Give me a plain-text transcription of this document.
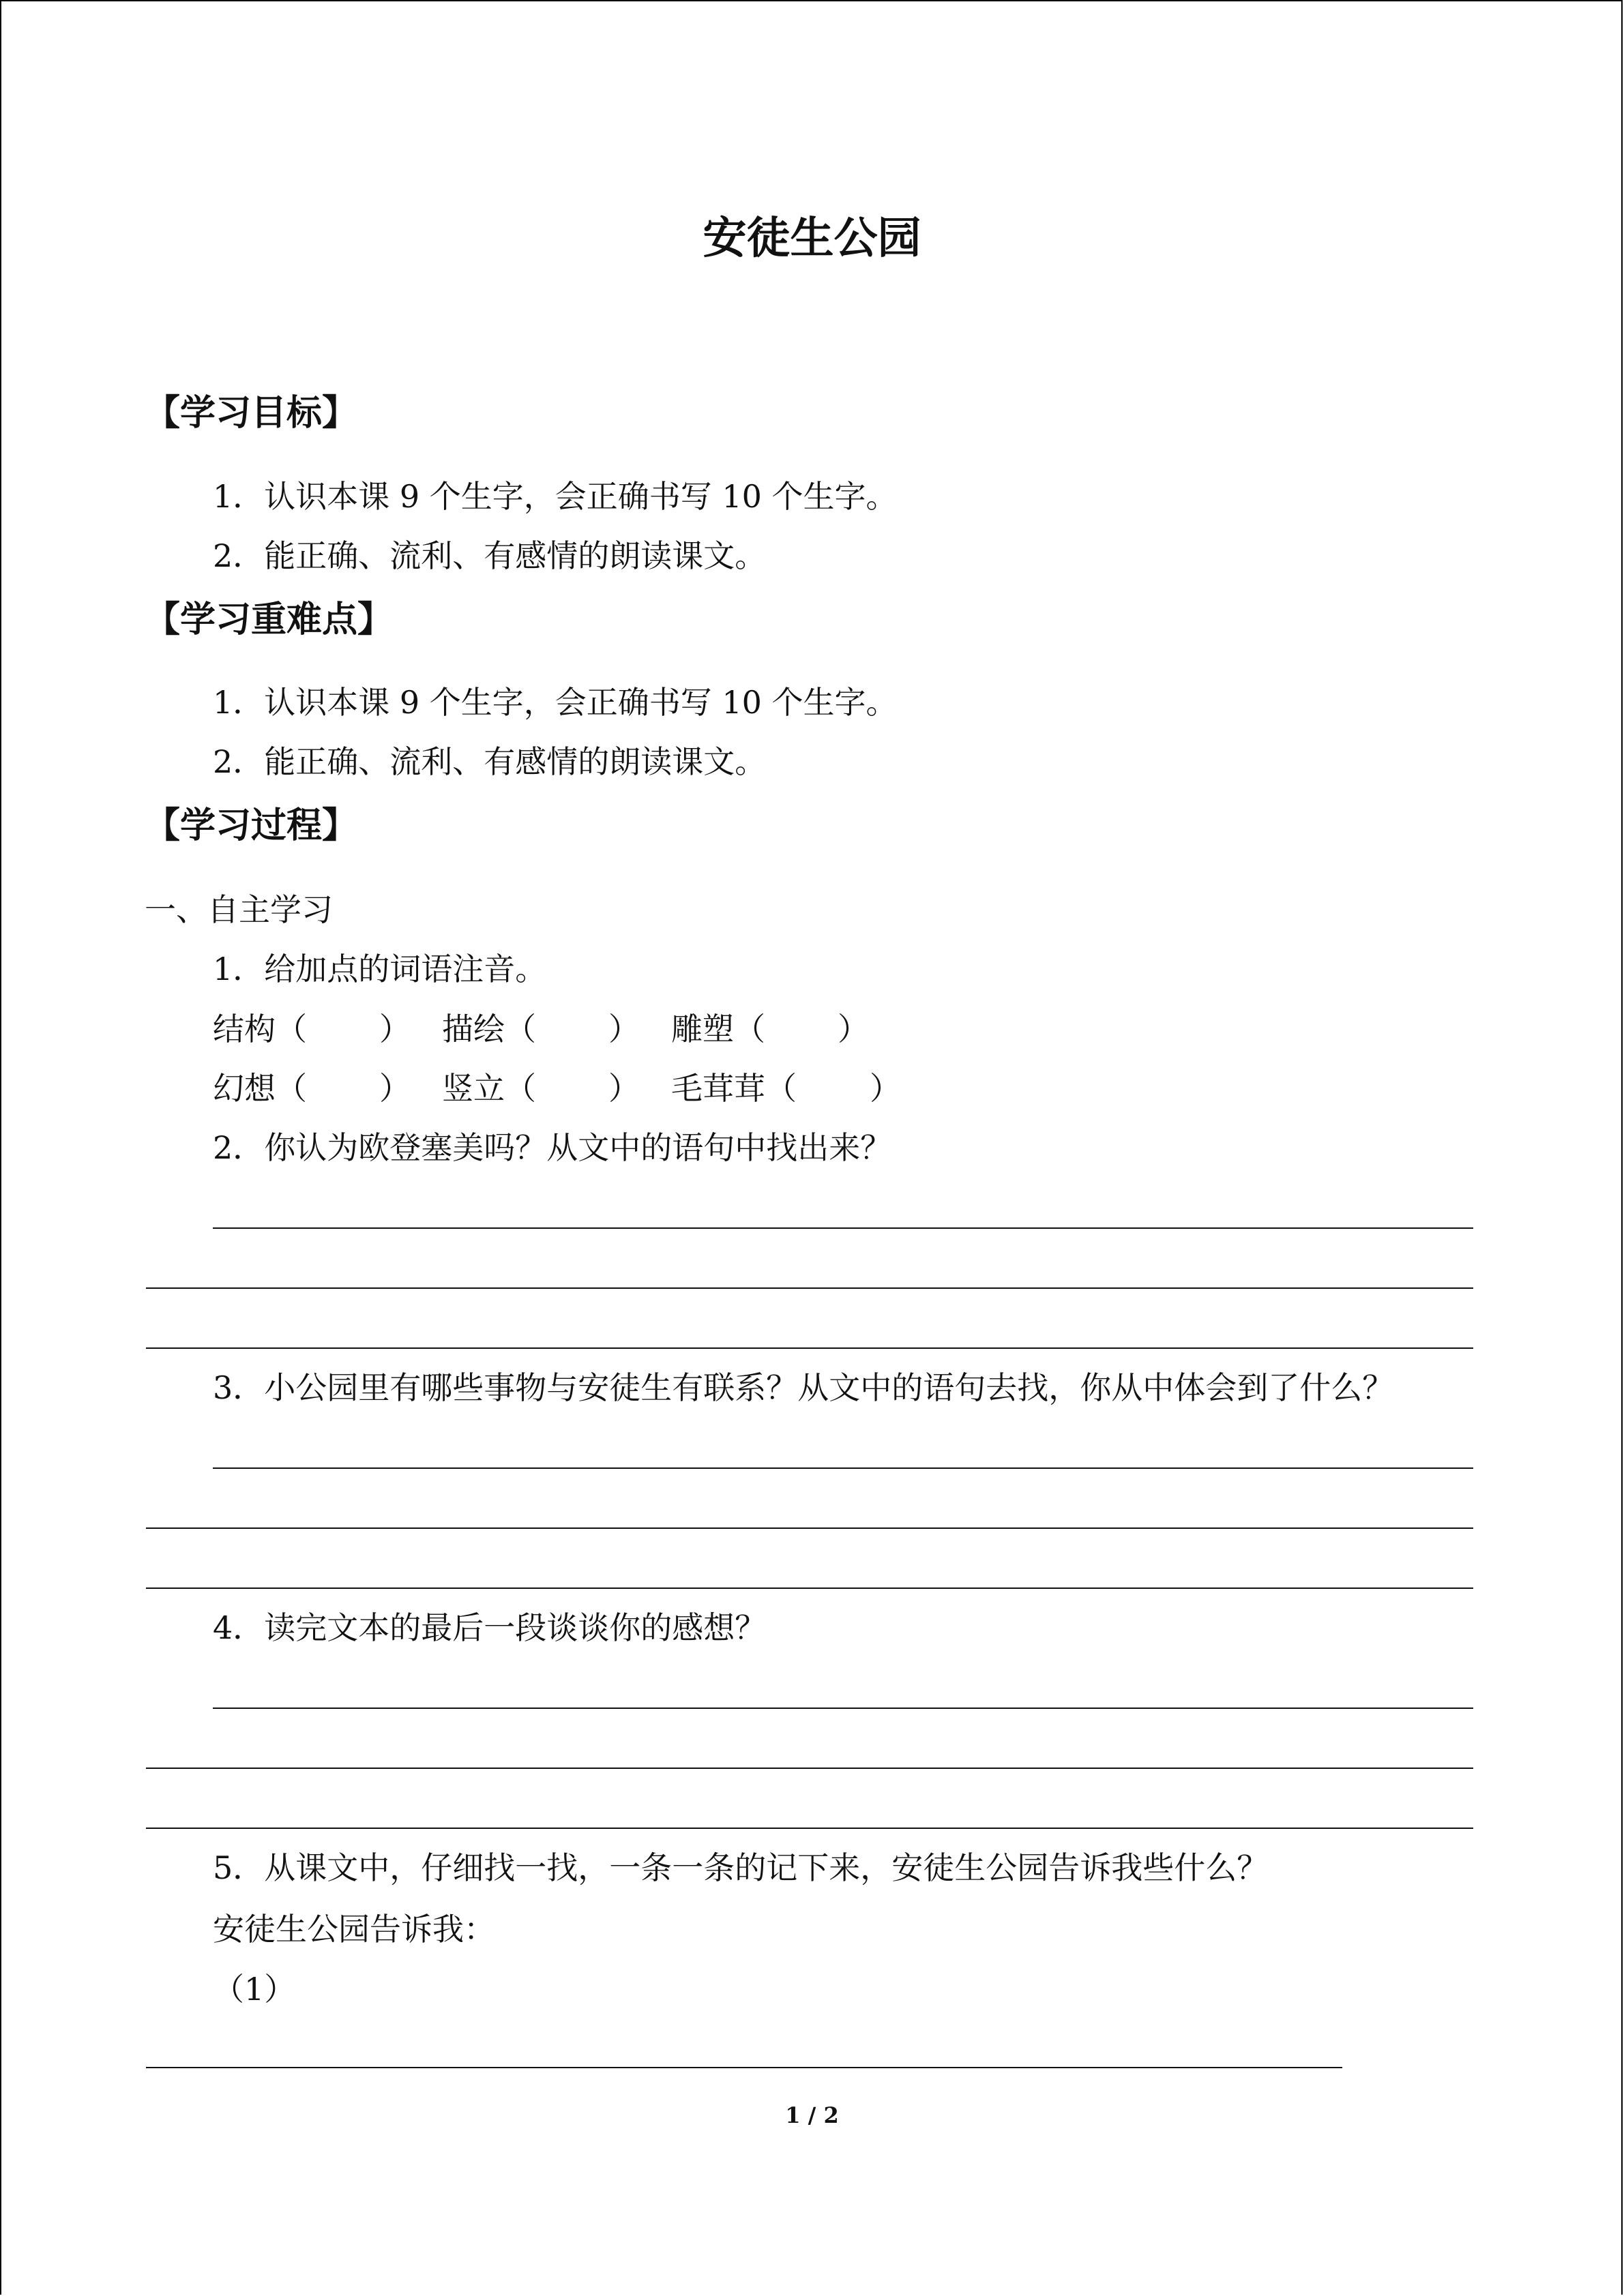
安徒生公园
【学习目标】
1．认识本课 9 个生字，会正确书写 10 个生字。
2．能正确、流利、有感情的朗读课文。
【学习重难点】
1．认识本课 9 个生字，会正确书写 10 个生字。
2．能正确、流利、有感情的朗读课文。
【学习过程】
一、自主学习
1．给加点的词语注音。
结构（ ） 描绘（ ） 雕塑（ ）
幻想（ ） 竖立（ ） 毛茸茸（ ）
2．你认为欧登塞美吗？从文中的语句中找出来？
3．小公园里有哪些事物与安徒生有联系？从文中的语句去找，你从中体会到了什么？
4．读完文本的最后一段谈谈你的感想？
5．从课文中，仔细找一找，一条一条的记下来，安徒生公园告诉我些什么？
安徒生公园告诉我：
（1）
1 / 2
